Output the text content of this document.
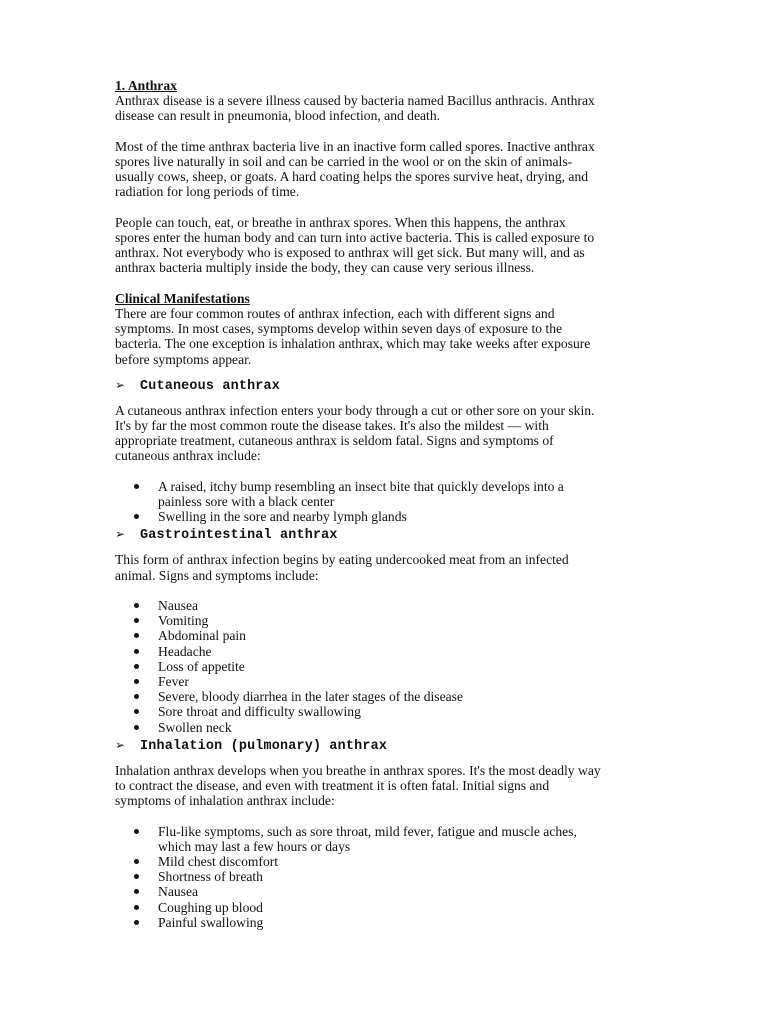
1. Anthrax
Anthrax disease is a severe illness caused by bacteria named Bacillus anthracis. Anthrax
disease can result in pneumonia, blood infection, and death.
Most of the time anthrax bacteria live in an inactive form called spores. Inactive anthrax
spores live naturally in soil and can be carried in the wool or on the skin of animals-
usually cows, sheep, or goats. A hard coating helps the spores survive heat, drying, and
radiation for long periods of time.
People can touch, eat, or breathe in anthrax spores. When this happens, the anthrax
spores enter the human body and can turn into active bacteria. This is called exposure to
anthrax. Not everybody who is exposed to anthrax will get sick. But many will, and as
anthrax bacteria multiply inside the body, they can cause very serious illness.
Clinical Manifestations
There are four common routes of anthrax infection, each with different signs and
symptoms. In most cases, symptoms develop within seven days of exposure to the
bacteria. The one exception is inhalation anthrax, which may take weeks after exposure
before symptoms appear.
➢ Cutaneous anthrax
A cutaneous anthrax infection enters your body through a cut or other sore on your skin.
It's by far the most common route the disease takes. It's also the mildest — with
appropriate treatment, cutaneous anthrax is seldom fatal. Signs and symptoms of
cutaneous anthrax include:
A raised, itchy bump resembling an insect bite that quickly develops into a
painless sore with a black center
Swelling in the sore and nearby lymph glands
➢ Gastrointestinal anthrax
This form of anthrax infection begins by eating undercooked meat from an infected
animal. Signs and symptoms include:
Nausea
Vomiting
Abdominal pain
Headache
Loss of appetite
Fever
Severe, bloody diarrhea in the later stages of the disease
Sore throat and difficulty swallowing
Swollen neck
➢ Inhalation (pulmonary) anthrax
Inhalation anthrax develops when you breathe in anthrax spores. It's the most deadly way
to contract the disease, and even with treatment it is often fatal. Initial signs and
symptoms of inhalation anthrax include:
Flu-like symptoms, such as sore throat, mild fever, fatigue and muscle aches,
which may last a few hours or days
Mild chest discomfort
Shortness of breath
Nausea
Coughing up blood
Painful swallowing
